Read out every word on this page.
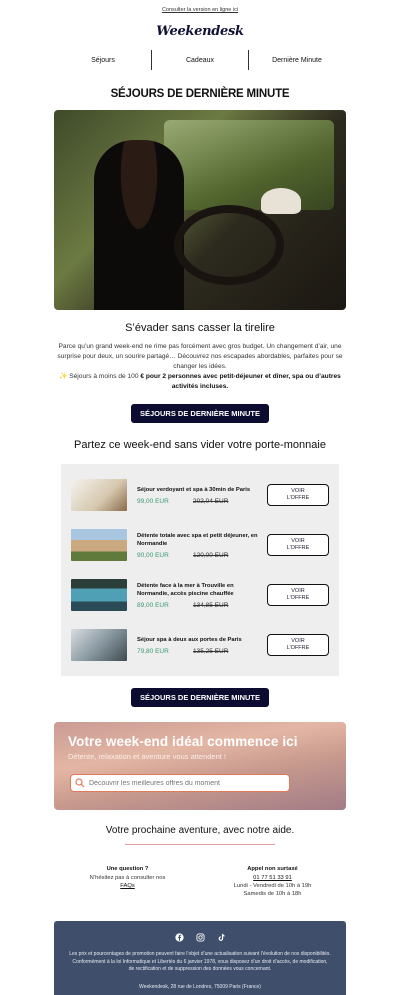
Consulter la version en ligne ici
Weekendesk
Séjours	Cadeaux	Dernière Minute
SÉJOURS DE DERNIÈRE MINUTE
S’évader sans casser la tirelire
Parce qu’un grand week-end ne rime pas forcément avec gros budget. Un changement d’air, une surprise pour deux, un sourire partagé… Découvrez nos escapades abordables, parfaites pour se changer les idées.
✨ Séjours à moins de 100 € pour 2 personnes avec petit-déjeuner et dîner, spa ou d’autres activités incluses.
SÉJOURS DE DERNIÈRE MINUTE
Partez ce week-end sans vider votre porte-monnaie
Séjour verdoyant et spa à 30min de Paris
99,00 EUR	202,04 EUR
VOIR
L’OFFRE
Détente totale avec spa et petit déjeuner, en Normandie
90,00 EUR	120,00 EUR
VOIR
L’OFFRE
Détente face à la mer à Trouville en Normandie, accès piscine chauffée
89,00 EUR	134,85 EUR
VOIR
L’OFFRE
Séjour spa à deux aux portes de Paris
79,80 EUR	135,25 EUR
VOIR
L’OFFRE
SÉJOURS DE DERNIÈRE MINUTE
Votre week-end idéal commence ici
Détente, relaxation et aventure vous attendent !
Découvrir les meilleures offres du moment
Votre prochaine aventure, avec notre aide.
Une question ?
N’hésitez pas à consulter nos
FAQs
Appel non surtaxé
01 77 51 33 91
Lundi - Vendredi de 10h à 19h
Samedis de 10h à 18h
Les prix et pourcentages de promotion peuvent faire l’objet d’une actualisation suivant l’évolution de nos disponibilités. Conformément à la loi Informatique et Libertés du 6 janvier 1978, vous disposez d’un droit d’accès, de modification, de rectification et de suppression des données vous concernant.
Weekendesk, 28 rue de Londres, 75009 Paris (France)
